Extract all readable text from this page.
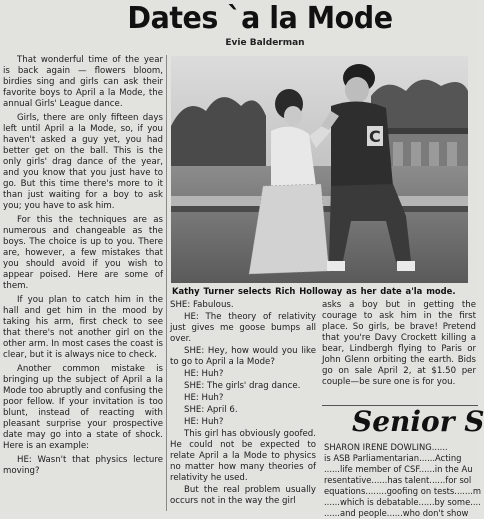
Dates `a la Mode
Evie Balderman

That wonderful time of the year is back again — flowers bloom, birdies sing and girls can ask their favorite boys to April a la Mode, the annual Girls' League dance.

Girls, there are only fifteen days left until April a la Mode, so, if you haven't asked a guy yet, you had better get on the ball. This is the only girls' drag dance of the year, and you know that you just have to go. But this time there's more to it than just waiting for a boy to ask you; you have to ask him.

For this the techniques are as numerous and changeable as the boys. The choice is up to you. There are, however, a few mistakes that you should avoid if you wish to appear poised. Here are some of them.

If you plan to catch him in the hall and get him in the mood by taking his arm, first check to see that there's not another girl on the other arm. In most cases the coast is clear, but it is always nice to check.

Another common mistake is bringing up the subject of April a la Mode too abruptly and confusing the poor fellow. If your invitation is too blunt, instead of reacting with pleasant surprise your prospective date may go into a state of shock. Here is an example:

HE: Wasn't that physics lecture moving?

C
Kathy Turner selects Rich Holloway as her date a'la mode.

SHE: Fabulous.

HE: The theory of relativity just gives me goose bumps all over.

SHE: Hey, how would you like to go to April a la Mode?

HE: Huh?

SHE: The girls' drag dance.

HE: Huh?

SHE: April 6.

HE: Huh?

This girl has obviously goofed. He could not be expected to relate April a la Mode to physics no matter how many theories of relativity he used.

But the real problem usually occurs not in the way the girl

asks a boy but in getting the courage to ask him in the first place. So girls, be brave! Pretend that you're Davy Crockett killing a bear, Lindbergh flying to Paris or John Glenn orbiting the earth. Bids go on sale April 2, at $1.50 per couple—be sure one is for you.

Senior S
SHARON IRENE DOWLING......
is ASB Parliamentarian......Acting
......life member of CSF......in the Au
resentative......has talent......for sol
equations........goofing on tests.......m
......which is debatable......by some....
......and people......who don't show
